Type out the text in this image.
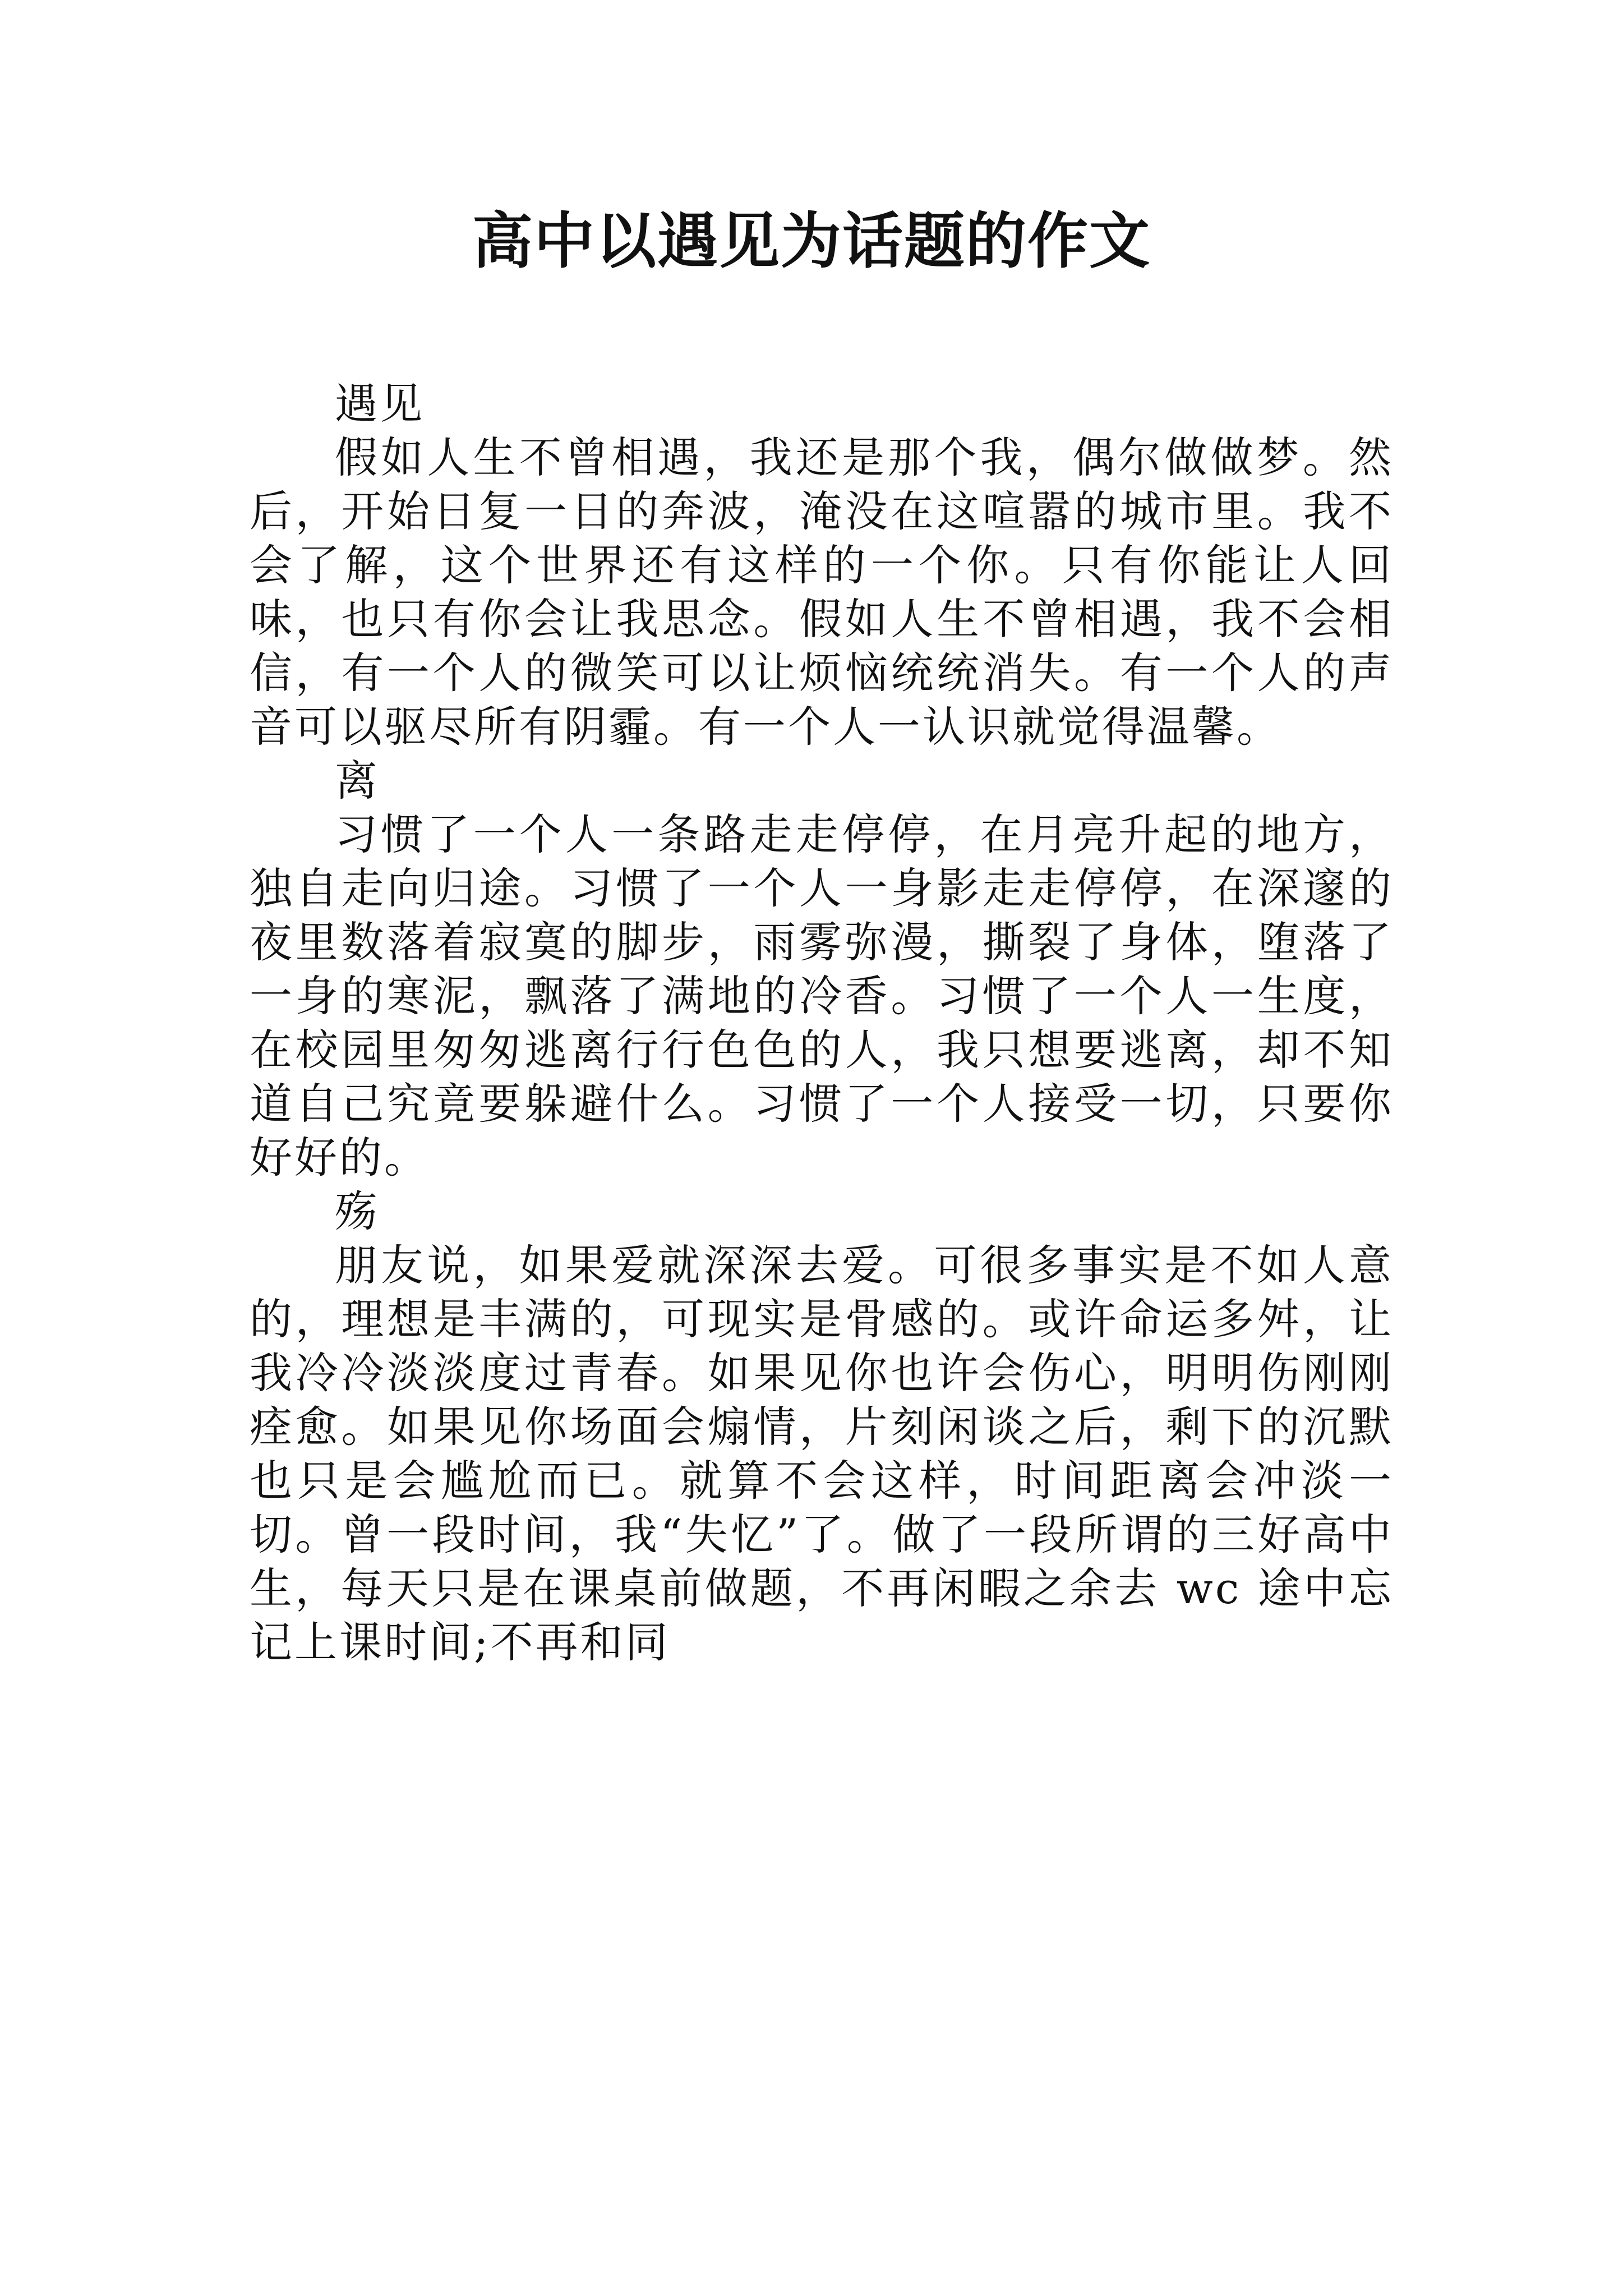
高中以遇见为话题的作文

遇见

假如人生不曾相遇，我还是那个我，偶尔做做梦。然后，开始日复一日的奔波，淹没在这喧嚣的城市里。我不会了解，这个世界还有这样的一个你。只有你能让人回味，也只有你会让我思念。假如人生不曾相遇，我不会相信，有一个人的微笑可以让烦恼统统消失。有一个人的声音可以驱尽所有阴霾。有一个人一认识就觉得温馨。

离

习惯了一个人一条路走走停停，在月亮升起的地方，独自走向归途。习惯了一个人一身影走走停停，在深邃的夜里数落着寂寞的脚步，雨雾弥漫，撕裂了身体，堕落了一身的寒泥，飘落了满地的冷香。习惯了一个人一生度，在校园里匆匆逃离行行色色的人，我只想要逃离，却不知道自己究竟要躲避什么。习惯了一个人接受一切，只要你好好的。

殇

朋友说，如果爱就深深去爱。可很多事实是不如人意的，理想是丰满的，可现实是骨感的。或许命运多舛，让我冷冷淡淡度过青春。如果见你也许会伤心，明明伤刚刚痊愈。如果见你场面会煽情，片刻闲谈之后，剩下的沉默也只是会尴尬而已。就算不会这样，时间距离会冲淡一切。曾一段时间，我“失忆”了。做了一段所谓的三好高中生，每天只是在课桌前做题，不再闲暇之余去 wc 途中忘记上课时间;不再和同
